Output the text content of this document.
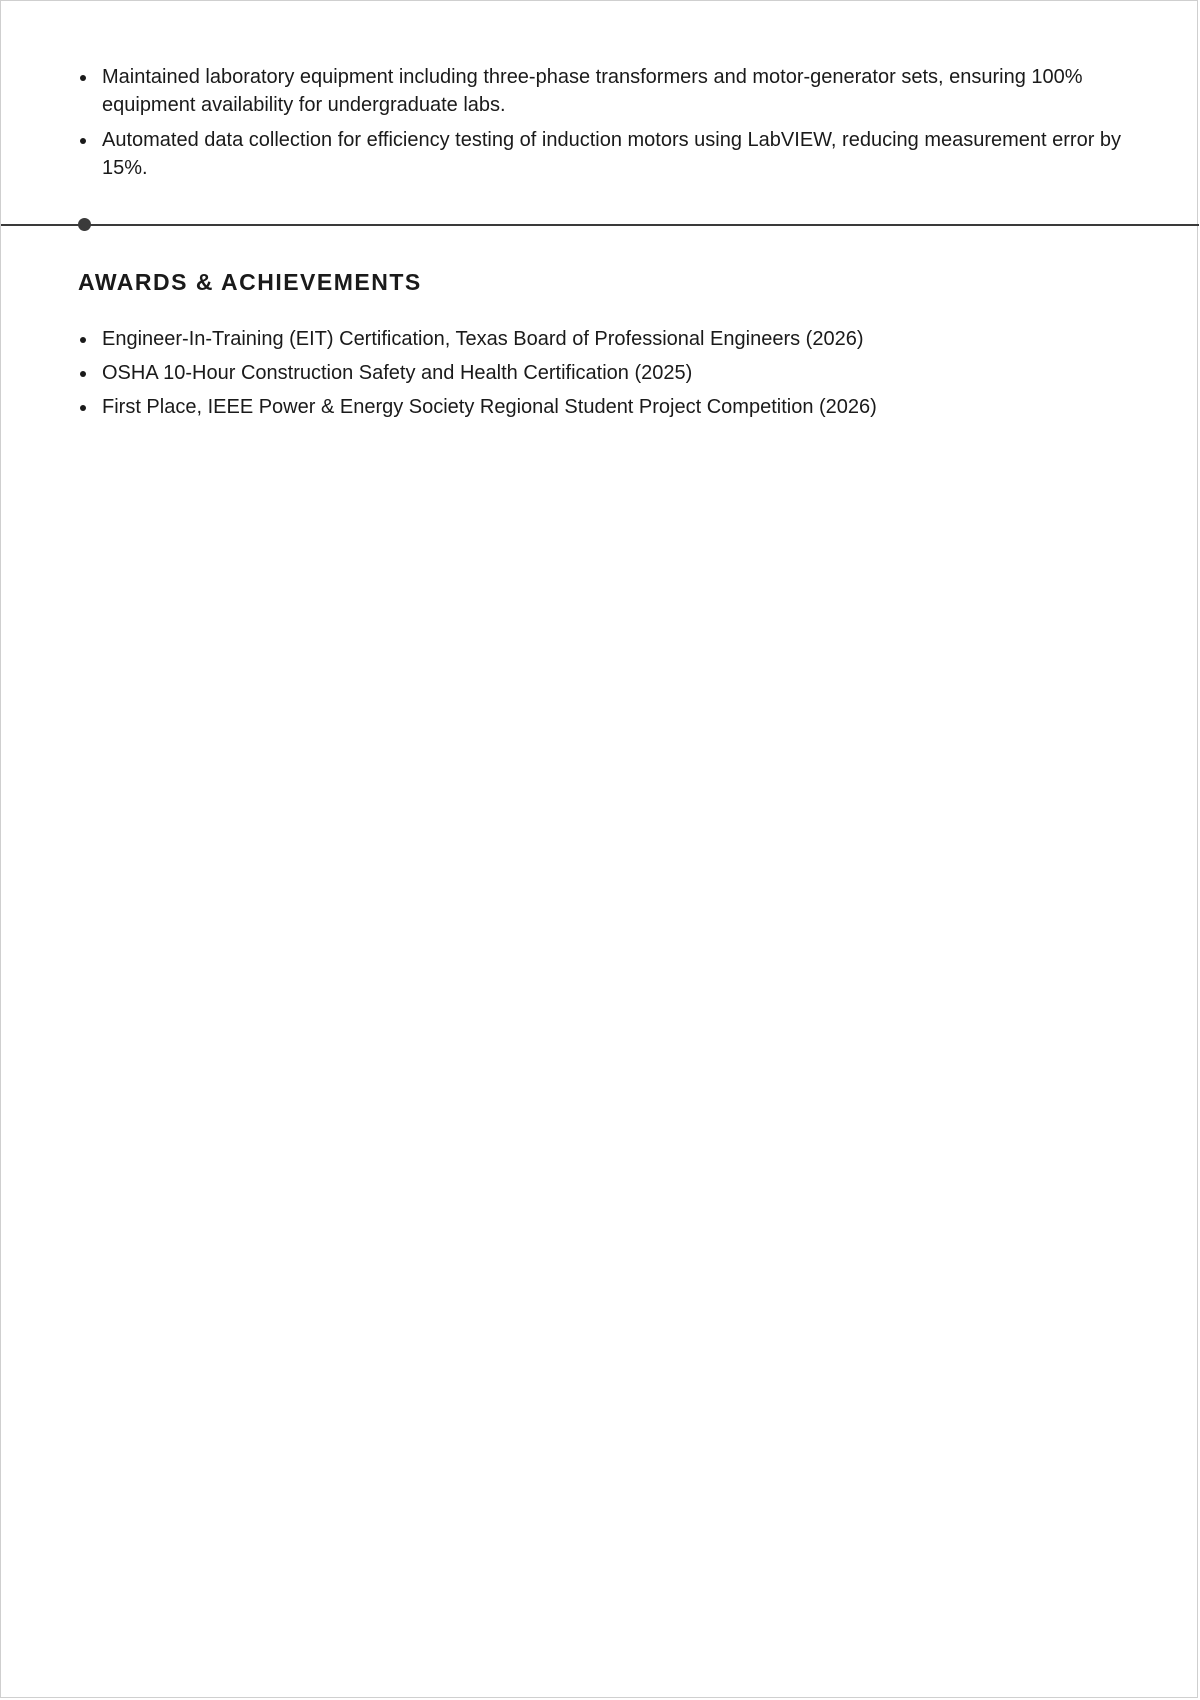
Maintained laboratory equipment including three-phase transformers and motor-generator sets, ensuring 100% equipment availability for undergraduate labs.
Automated data collection for efficiency testing of induction motors using LabVIEW, reducing measurement error by 15%.
AWARDS & ACHIEVEMENTS
Engineer-In-Training (EIT) Certification, Texas Board of Professional Engineers (2026)
OSHA 10-Hour Construction Safety and Health Certification (2025)
First Place, IEEE Power & Energy Society Regional Student Project Competition (2026)
